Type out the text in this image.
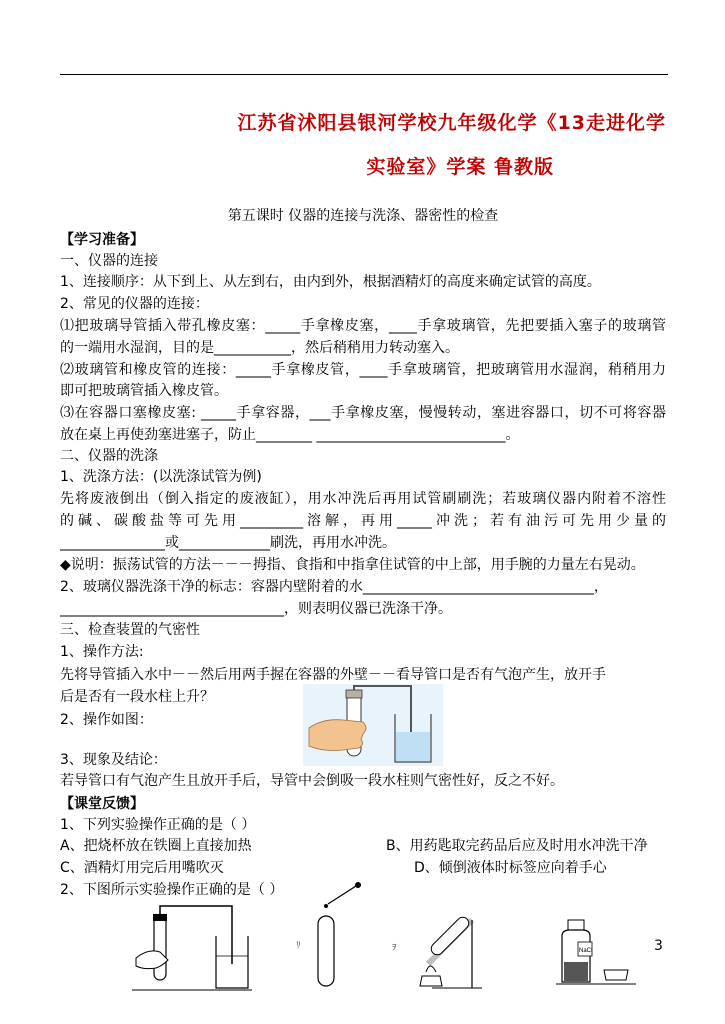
江苏省沭阳县银河学校九年级化学《13走进化学
实验室》学案 鲁教版
第五课时 仪器的连接与洗涤、器密性的检查
【学习准备】
一、仪器的连接
1、连接顺序：从下到上、从左到右，由内到外，根据酒精灯的高度来确定试管的高度。
2、常见的仪器的连接：
⑴把玻璃导管插入带孔橡皮塞：_____手拿橡皮塞，____手拿玻璃管，先把要插入塞子的玻璃管
的一端用水湿润，目的是___________，然后稍稍用力转动塞入。
⑵玻璃管和橡皮管的连接：_____手拿橡皮管，____手拿玻璃管，把玻璃管用水湿润，稍稍用力
即可把玻璃管插入橡皮管。
⑶在容器口塞橡皮塞: _____手拿容器，___手拿橡皮塞，慢慢转动，塞进容器口，切不可将容器
放在桌上再使劲塞进塞子，防止________ ___________________________。
二、仪器的洗涤
1、洗涤方法：(以洗涤试管为例)
先将废液倒出（倒入指定的废液缸），用水冲洗后再用试管刷刷洗；若玻璃仪器内附着不溶性
的碱、碳酸盐等可先用_________溶解，再用_____冲洗；若有油污可先用少量的
_______________或_____________刷洗，再用水冲洗。
◆说明：振荡试管的方法－－－拇指、食指和中指拿住试管的中上部，用手腕的力量左右晃动。
2、玻璃仪器洗涤干净的标志：容器内壁附着的水_________________________________，
________________________________，则表明仪器已洗涤干净。
三、检查装置的气密性
1、操作方法:
先将导管插入水中－－然后用两手握在容器的外壁－－看导管口是否有气泡产生，放开手
后是否有一段水柱上升？
2、操作如图：
3、现象及结论：
若导管口有气泡产生且放开手后，导管中会倒吸一段水柱则气密性好，反之不好。
【课堂反馈】
1、下列实验操作正确的是（ ）
A、把烧杯放在铁圈上直接加热	B、用药匙取完药品后应及时用水冲洗干净
C、酒精灯用完后用嘴吹灭	D、倾倒液体时标签应向着手心
2、下图所示实验操作正确的是（ ）
ﾘ	ｦ	NaCl	3
